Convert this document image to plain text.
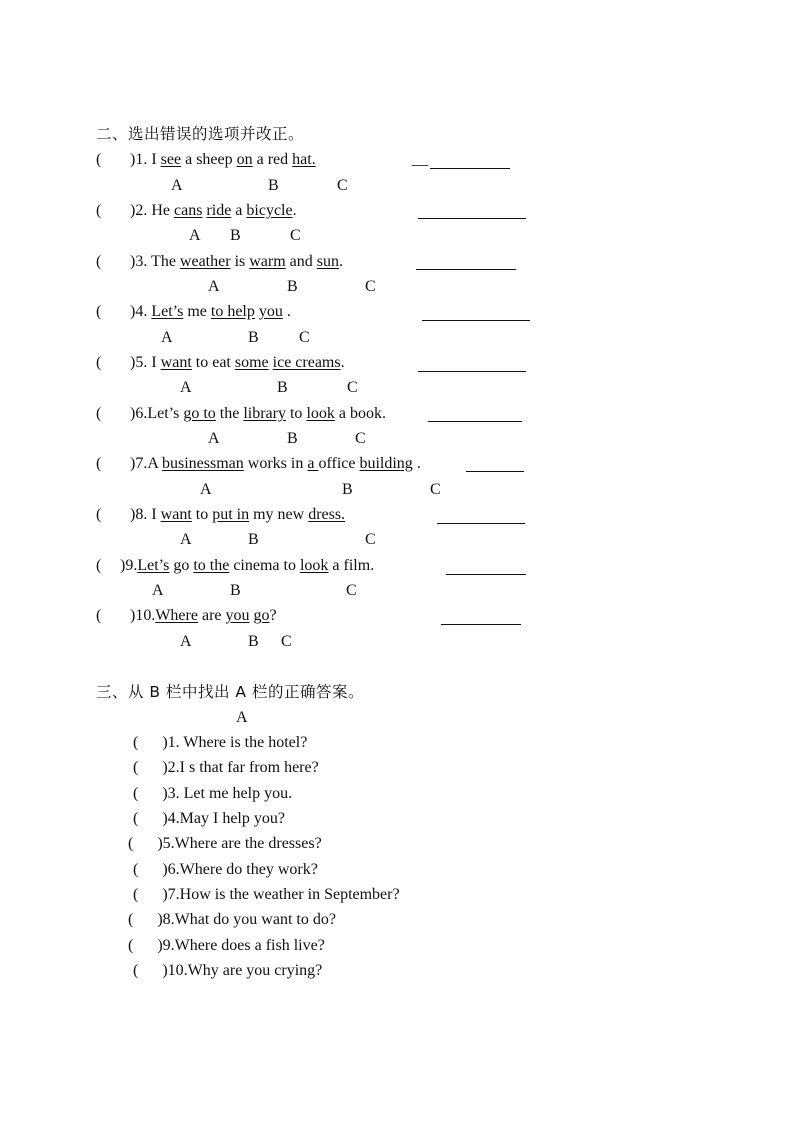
二、选出错误的选项并改正。
( )1. I see a sheep on a red hat.	__
A	B	C
( )2. He cans ride a bicycle.
A B	C
( )3. The weather is warm and sun.
A	B	C
( )4. Let’s me to help you .
A	B	C
( )5. I want to eat some ice creams.
A	B	C
( )6.Let’s go to the library to look a book.
A	B	C
( )7.A businessman works in a office building .
A	B	C
( )8. I want to put in my new dress.
A	B	C
( )9.Let’s go to the cinema to look a film.
A	B	C
( )10.Where are you go?
A	B C
三、从 B 栏中找出 A 栏的正确答案。
A
( )1. Where is the hotel?
( )2.I s that far from here?
( )3. Let me help you.
( )4.May I help you?
( )5.Where are the dresses?
( )6.Where do they work?
( )7.How is the weather in September?
( )8.What do you want to do?
( )9.Where does a fish live?
( )10.Why are you crying?
